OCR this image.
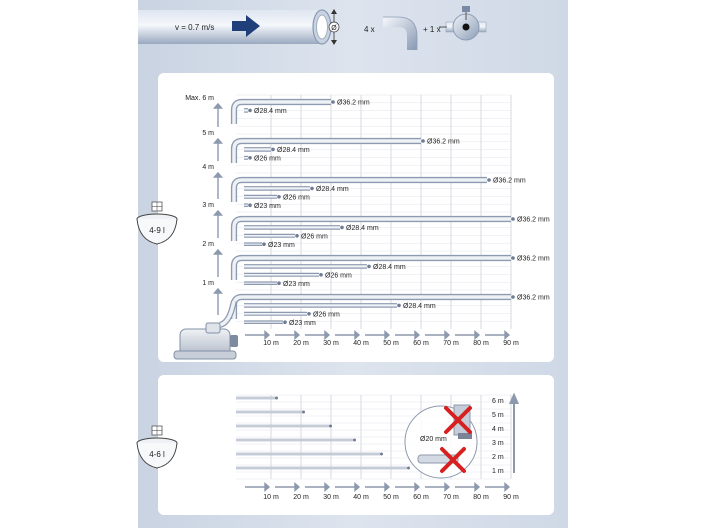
v = 0.7 m/s	Ø	4 x	+ 1 x
Max. 6 m
5 m
4 m
3 m
2 m
1 m
Ø36.2 mm
Ø28.4 mm
Ø36.2 mm
Ø28.4 mm
Ø26 mm
Ø36.2 mm
Ø28.4 mm
Ø26 mm
Ø23 mm
Ø36.2 mm
Ø28.4 mm
Ø26 mm
Ø23 mm
Ø36.2 mm
Ø28.4 mm
Ø26 mm
Ø23 mm
Ø36.2 mm
Ø28.4 mm
Ø26 mm
Ø23 mm
10 m 20 m 30 m 40 m 50 m 60 m 70 m 80 m 90 m
Ø20 mm
6 m
5 m
4 m
3 m
2 m
1 m
10 m 20 m 30 m 40 m 50 m 60 m 70 m 80 m 90 m
4-9 l
4-6 l
